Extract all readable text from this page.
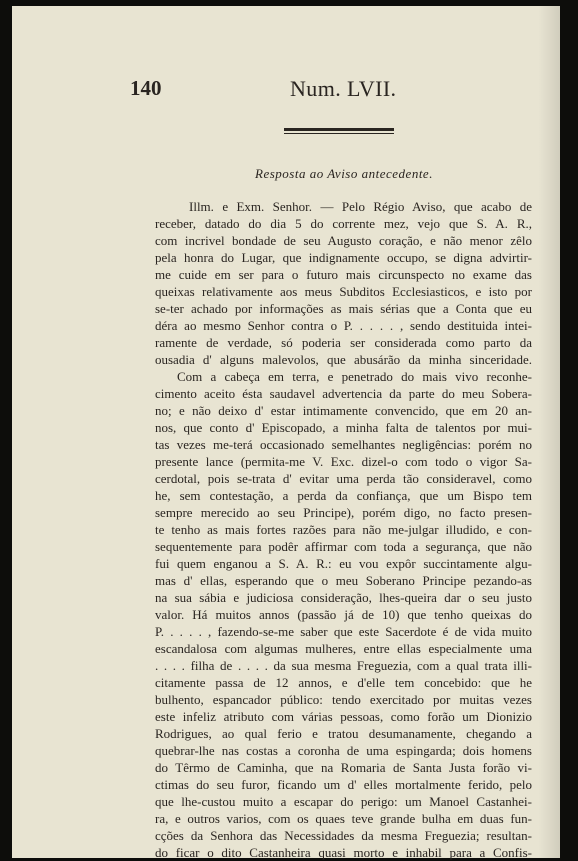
140	Num. LVII.
Resposta ao Aviso antecedente.
Illm. e Exm. Senhor. — Pelo Régio Aviso, que acabo de
receber, datado do dia 5 do corrente mez, vejo que S. A. R.,
com incrivel bondade de seu Augusto coração, e não menor zêlo
pela honra do Lugar, que indignamente occupo, se digna advirtir-
me cuide em ser para o futuro mais circunspecto no exame das
queixas relativamente aos meus Subditos Ecclesiasticos, e isto por
se-ter achado por informações as mais sérias que a Conta que eu
déra ao mesmo Senhor contra o P. . . . . , sendo destituida intei-
ramente de verdade, só poderia ser considerada como parto da
ousadia d' alguns malevolos, que abusárão da minha sinceridade.
Com a cabeça em terra, e penetrado do mais vivo reconhe-
cimento aceito ésta saudavel advertencia da parte do meu Sobera-
no; e não deixo d' estar intimamente convencido, que em 20 an-
nos, que conto d' Episcopado, a minha falta de talentos por mui-
tas vezes me-terá occasionado semelhantes negligências: porém no
presente lance (permita-me V. Exc. dizel-o com todo o vigor Sa-
cerdotal, pois se-trata d' evitar uma perda tão consideravel, como
he, sem contestação, a perda da confiança, que um Bispo tem
sempre merecido ao seu Principe), porém digo, no facto presen-
te tenho as mais fortes razões para não me-julgar illudido, e con-
sequentemente para podêr affirmar com toda a segurança, que não
fui quem enganou a S. A. R.: eu vou expôr succintamente algu-
mas d' ellas, esperando que o meu Soberano Principe pezando-as
na sua sábia e judiciosa consideração, lhes-queira dar o seu justo
valor. Há muitos annos (passão já de 10) que tenho queixas do
P. . . . . , fazendo-se-me saber que este Sacerdote é de vida muito
escandalosa com algumas mulheres, entre ellas especialmente uma
. . . . filha de . . . . da sua mesma Freguezia, com a qual trata illi-
citamente passa de 12 annos, e d'elle tem concebido: que he
bulhento, espancador público: tendo exercitado por muitas vezes
este infeliz atributo com várias pessoas, como forão um Dionizio
Rodrigues, ao qual ferio e tratou desumanamente, chegando a
quebrar-lhe nas costas a coronha de uma espingarda; dois homens
do Têrmo de Caminha, que na Romaria de Santa Justa forão vi-
ctimas do seu furor, ficando um d' elles mortalmente ferido, pelo
que lhe-custou muito a escapar do perigo: um Manoel Castanhei-
ra, e outros varios, com os quaes teve grande bulha em duas fun-
cções da Senhora das Necessidades da mesma Freguezia; resultan-
do ficar o dito Castanheira quasi morto e inhabil para a Confis-
